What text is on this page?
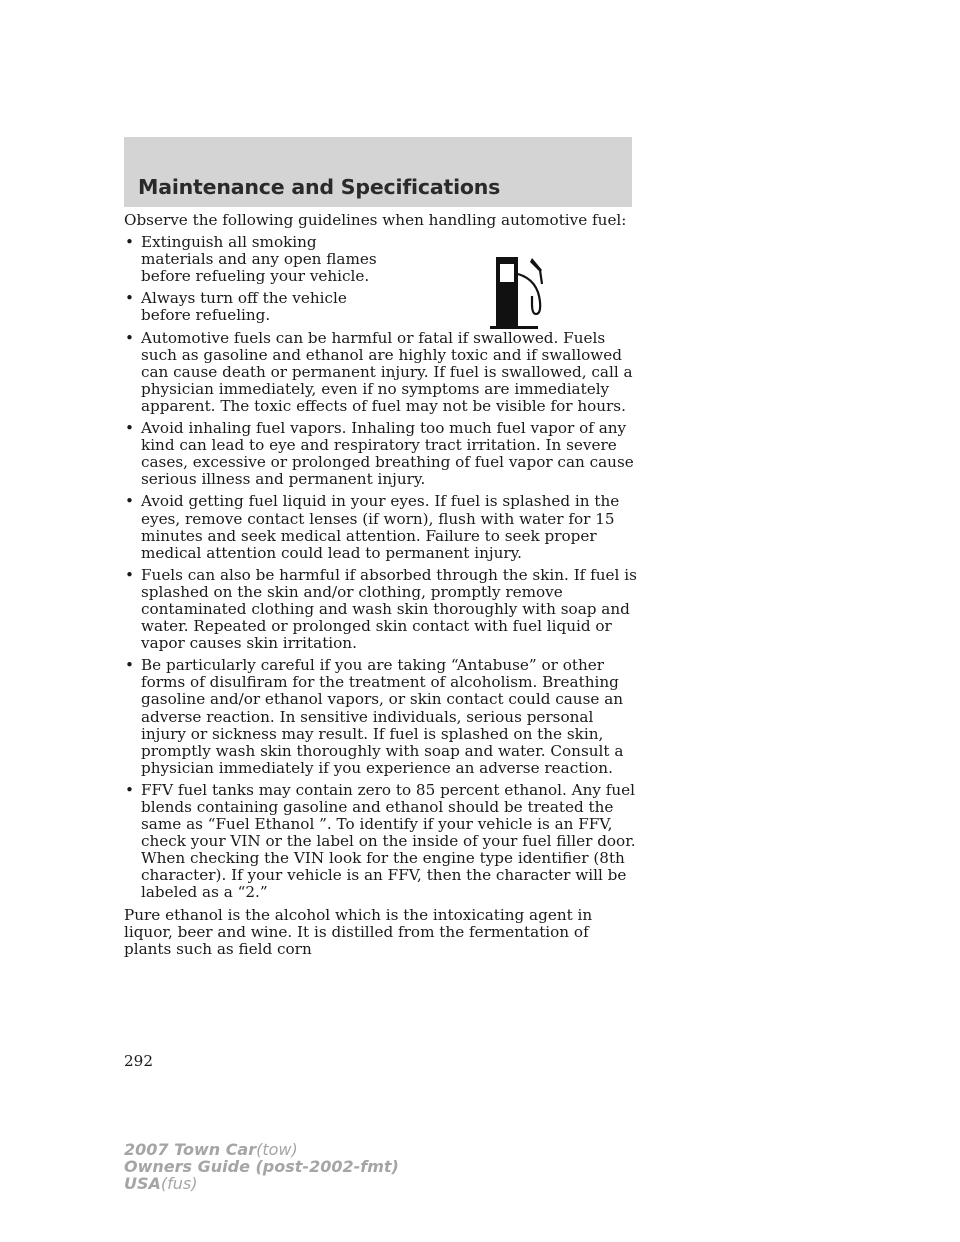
Maintenance and Specifications

Observe the following guidelines when handling automotive fuel:

• Extinguish all smoking materials and any open flames before refueling your vehicle.
• Always turn off the vehicle before refueling.
• Automotive fuels can be harmful or fatal if swallowed. Fuels such as gasoline and ethanol are highly toxic and if swallowed can cause death or permanent injury. If fuel is swallowed, call a physician immediately, even if no symptoms are immediately apparent. The toxic effects of fuel may not be visible for hours.
• Avoid inhaling fuel vapors. Inhaling too much fuel vapor of any kind can lead to eye and respiratory tract irritation. In severe cases, excessive or prolonged breathing of fuel vapor can cause serious illness and permanent injury.
• Avoid getting fuel liquid in your eyes. If fuel is splashed in the eyes, remove contact lenses (if worn), flush with water for 15 minutes and seek medical attention. Failure to seek proper medical attention could lead to permanent injury.
• Fuels can also be harmful if absorbed through the skin. If fuel is splashed on the skin and/or clothing, promptly remove contaminated clothing and wash skin thoroughly with soap and water. Repeated or prolonged skin contact with fuel liquid or vapor causes skin irritation.
• Be particularly careful if you are taking “Antabuse” or other forms of disulfiram for the treatment of alcoholism. Breathing gasoline and/or ethanol vapors, or skin contact could cause an adverse reaction. In sensitive individuals, serious personal injury or sickness may result. If fuel is splashed on the skin, promptly wash skin thoroughly with soap and water. Consult a physician immediately if you experience an adverse reaction.
• FFV fuel tanks may contain zero to 85 percent ethanol. Any fuel blends containing gasoline and ethanol should be treated the same as “Fuel Ethanol ”. To identify if your vehicle is an FFV, check your VIN or the label on the inside of your fuel filler door. When checking the VIN look for the engine type identifier (8th character). If your vehicle is an FFV, then the character will be labeled as a “2.”

Pure ethanol is the alcohol which is the intoxicating agent in liquor, beer and wine. It is distilled from the fermentation of plants such as field corn

292
2007 Town Car(tow)
Owners Guide (post-2002-fmt)
USA(fus)
